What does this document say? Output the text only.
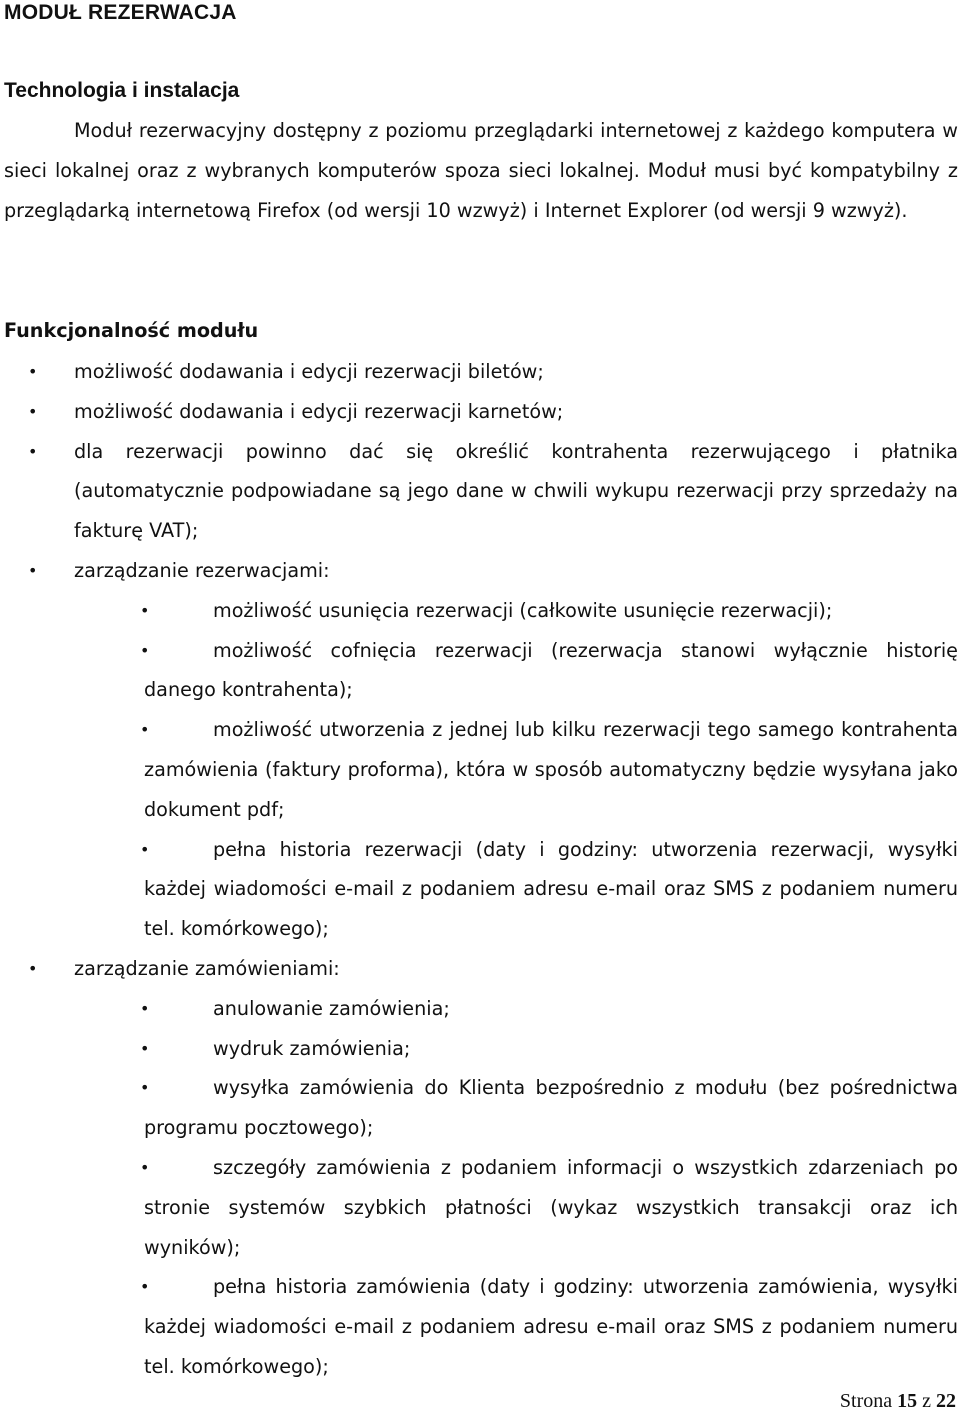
MODUŁ REZERWACJA
Technologia i instalacja

Moduł rezerwacyjny dostępny z poziomu przeglądarki internetowej z każdego komputera w sieci lokalnej oraz z wybranych komputerów spoza sieci lokalnej. Moduł musi być kompatybilny z przeglądarką internetową Firefox (od wersji 10 wzwyż) i Internet Explorer (od wersji 9 wzwyż).

Funkcjonalność modułu
• możliwość dodawania i edycji rezerwacji biletów;
• możliwość dodawania i edycji rezerwacji karnetów;
• dla rezerwacji powinno dać się określić kontrahenta rezerwującego i płatnika (automatycznie podpowiadane są jego dane w chwili wykupu rezerwacji przy sprzedaży na fakturę VAT);
• zarządzanie rezerwacjami:
•	możliwość usunięcia rezerwacji (całkowite usunięcie rezerwacji);
•	możliwość cofnięcia rezerwacji (rezerwacja stanowi wyłącznie historię danego kontrahenta);
•	możliwość utworzenia z jednej lub kilku rezerwacji tego samego kontrahenta zamówienia (faktury proforma), która w sposób automatyczny będzie wysyłana jako dokument pdf;
•	pełna historia rezerwacji (daty i godziny: utworzenia rezerwacji, wysyłki każdej wiadomości e-mail z podaniem adresu e-mail oraz SMS z podaniem numeru tel. komórkowego);
• zarządzanie zamówieniami:
•	anulowanie zamówienia;
•	wydruk zamówienia;
•	wysyłka zamówienia do Klienta bezpośrednio z modułu (bez pośrednictwa programu pocztowego);
•	szczegóły zamówienia z podaniem informacji o wszystkich zdarzeniach po stronie systemów szybkich płatności (wykaz wszystkich transakcji oraz ich wyników);
•	pełna historia zamówienia (daty i godziny: utworzenia zamówienia, wysyłki każdej wiadomości e-mail z podaniem adresu e-mail oraz SMS z podaniem numeru tel. komórkowego);
Strona 15 z 22
